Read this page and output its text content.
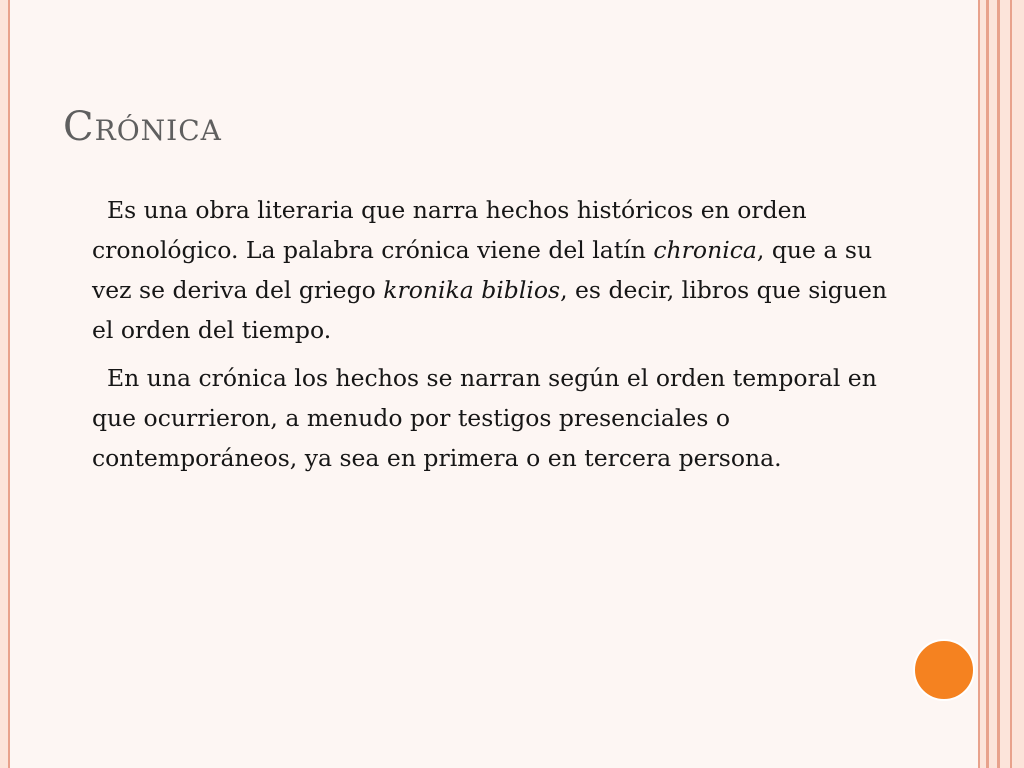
Crónica

 Es una obra literaria que narra hechos históricos en orden cronológico. La palabra crónica viene del latín chronica, que a su vez se deriva del griego kronika biblios, es decir, libros que siguen el orden del tiempo.

 En una crónica los hechos se narran según el orden temporal en que ocurrieron, a menudo por testigos presenciales o contemporáneos, ya sea en primera o en tercera persona.
